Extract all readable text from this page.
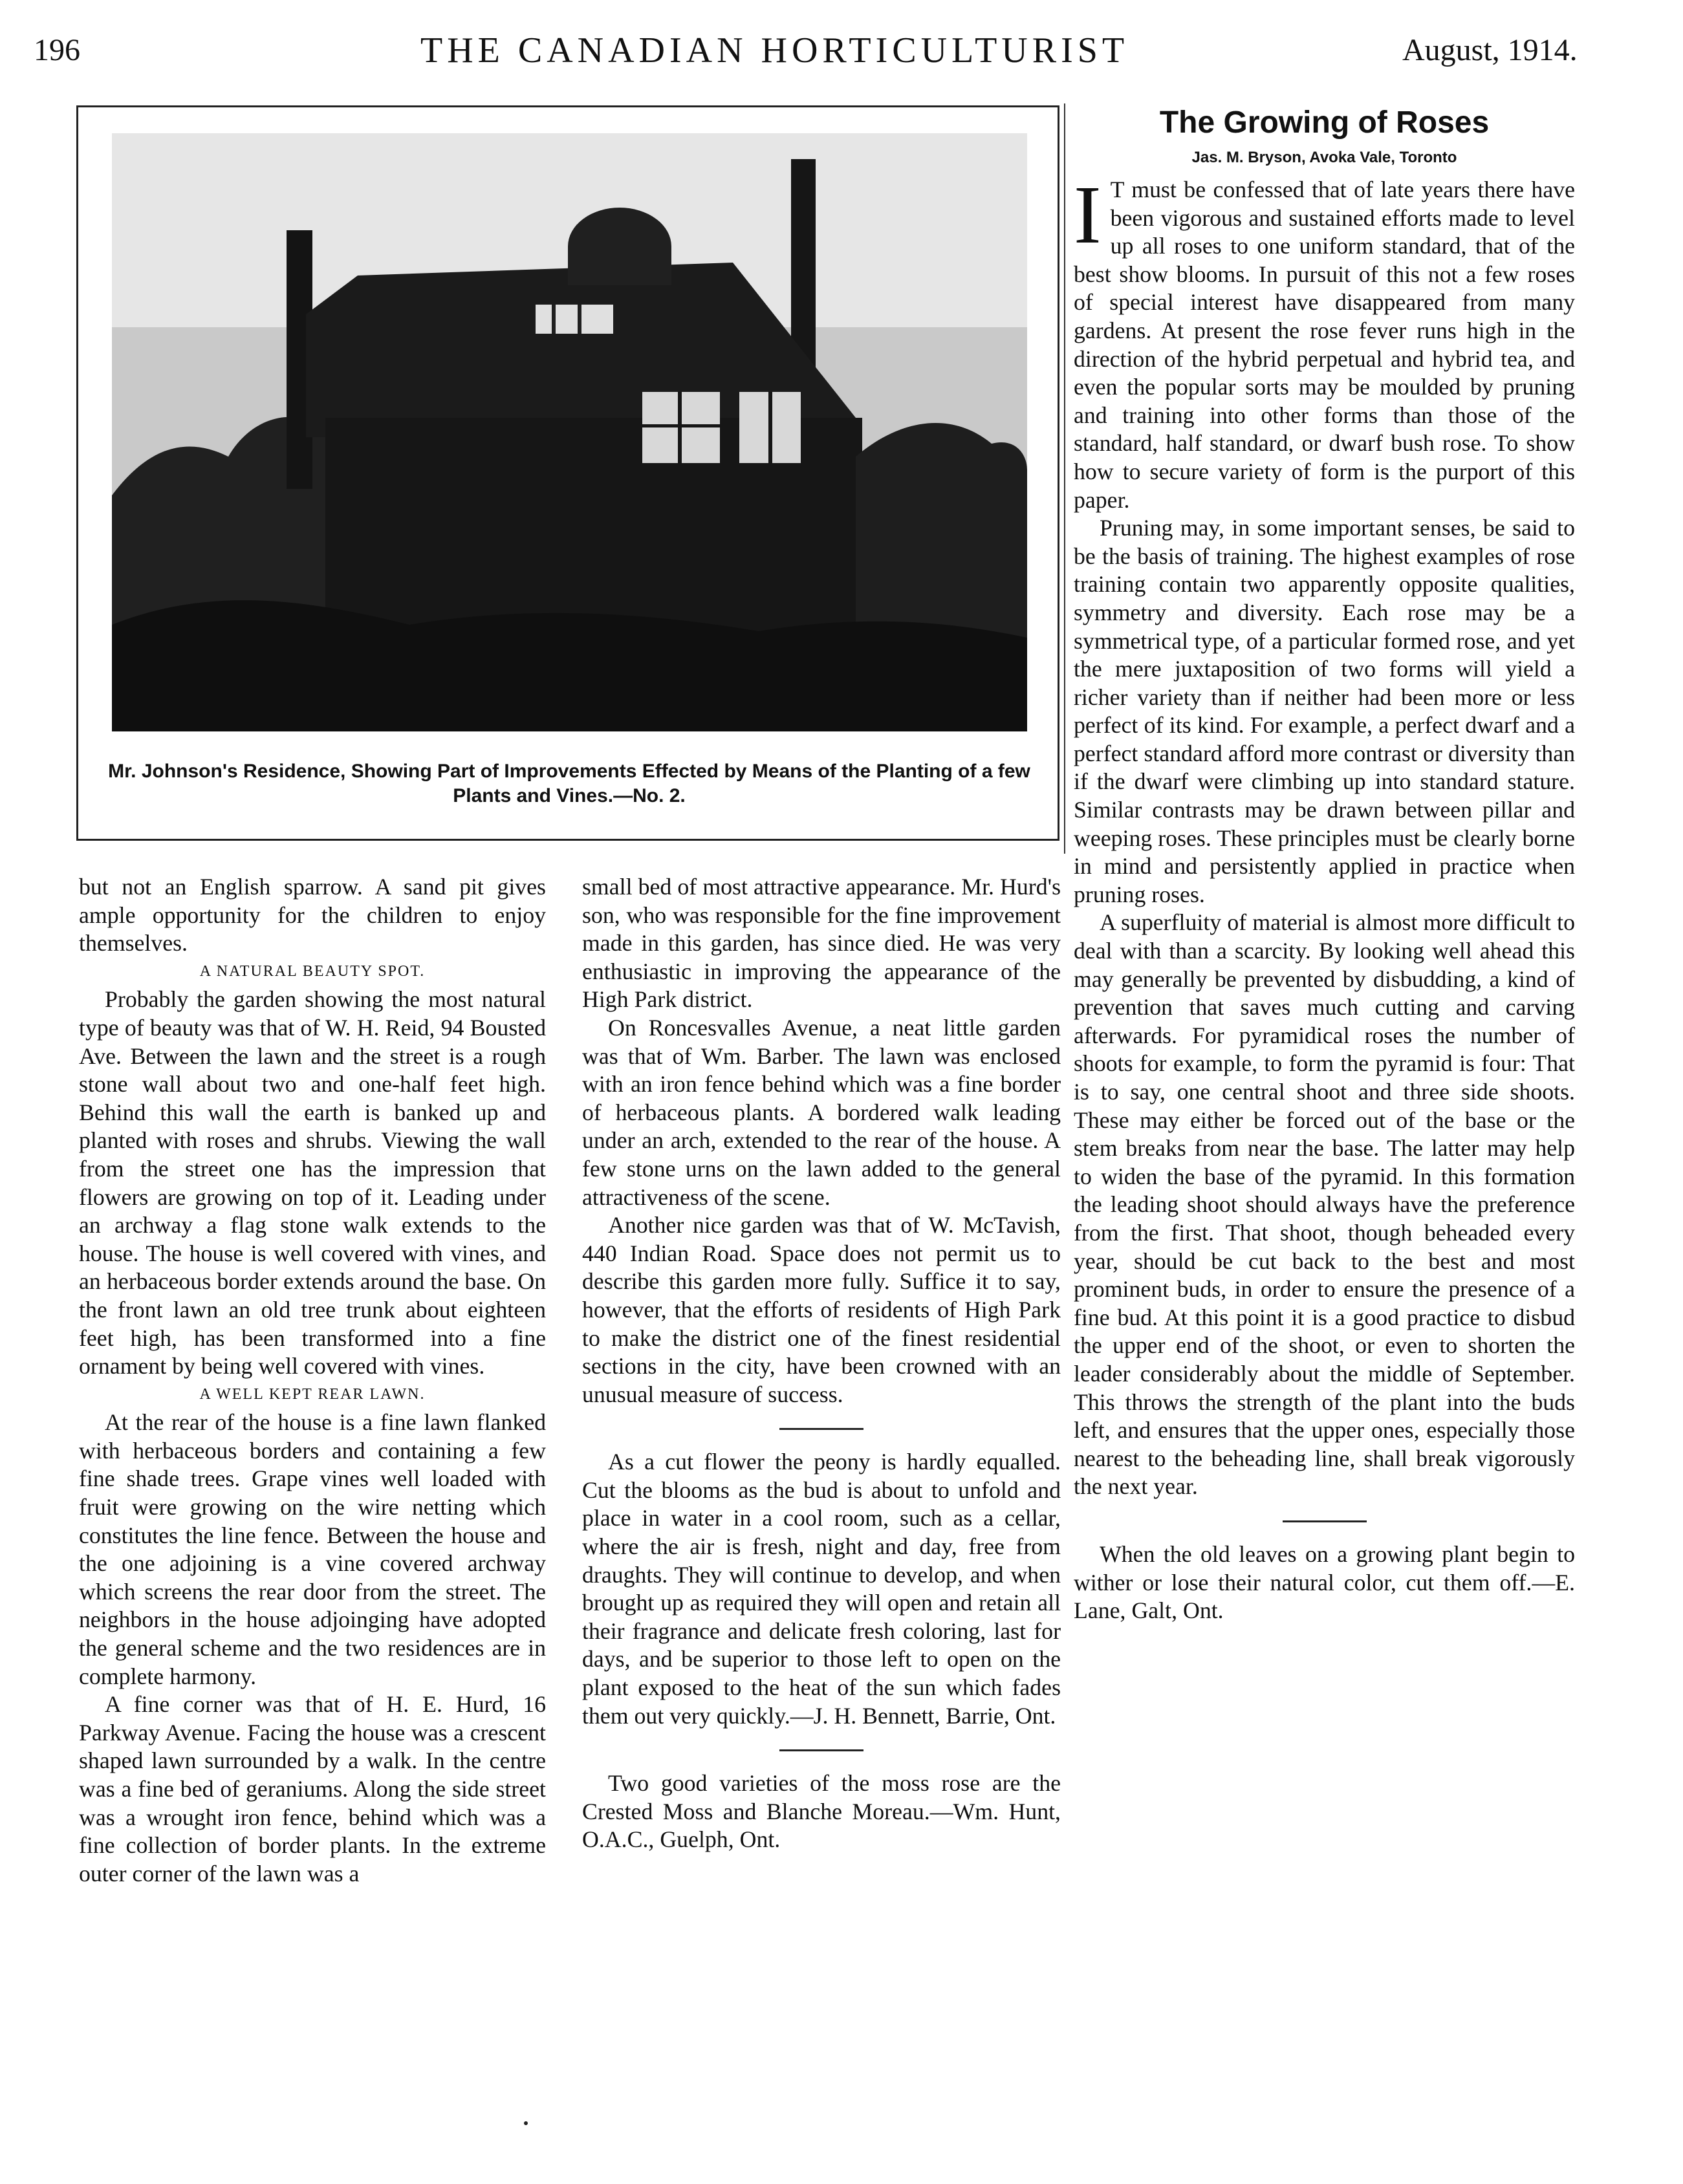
196	THE CANADIAN HORTICULTURIST	August, 1914.
Mr. Johnson's Residence, Showing Part of Improvements Effected by Means of the Planting of a few Plants and Vines.—No. 2.

but not an English sparrow. A sand pit gives ample opportunity for the children to enjoy themselves.

A NATURAL BEAUTY SPOT.

Probably the garden showing the most natural type of beauty was that of W. H. Reid, 94 Bousted Ave. Between the lawn and the street is a rough stone wall about two and one-half feet high. Behind this wall the earth is banked up and planted with roses and shrubs. Viewing the wall from the street one has the impression that flowers are growing on top of it. Leading under an archway a flag stone walk extends to the house. The house is well covered with vines, and an herbaceous border extends around the base. On the front lawn an old tree trunk about eighteen feet high, has been transformed into a fine ornament by being well covered with vines.

A WELL KEPT REAR LAWN.

At the rear of the house is a fine lawn flanked with herbaceous borders and containing a few fine shade trees. Grape vines well loaded with fruit were growing on the wire netting which constitutes the line fence. Between the house and the one adjoining is a vine covered archway which screens the rear door from the street. The neighbors in the house adjoinging have adopted the general scheme and the two residences are in complete harmony.

A fine corner was that of H. E. Hurd, 16 Parkway Avenue. Facing the house was a crescent shaped lawn surrounded by a walk. In the centre was a fine bed of geraniums. Along the side street was a wrought iron fence, behind which was a fine collection of border plants. In the extreme outer corner of the lawn was a

small bed of most attractive appearance. Mr. Hurd's son, who was responsible for the fine improvement made in this garden, has since died. He was very enthusiastic in improving the appearance of the High Park district.

On Roncesvalles Avenue, a neat little garden was that of Wm. Barber. The lawn was enclosed with an iron fence behind which was a fine border of herbaceous plants. A bordered walk leading under an arch, extended to the rear of the house. A few stone urns on the lawn added to the general attractiveness of the scene.

Another nice garden was that of W. McTavish, 440 Indian Road. Space does not permit us to describe this garden more fully. Suffice it to say, however, that the efforts of residents of High Park to make the district one of the finest residential sections in the city, have been crowned with an unusual measure of success.

As a cut flower the peony is hardly equalled. Cut the blooms as the bud is about to unfold and place in water in a cool room, such as a cellar, where the air is fresh, night and day, free from draughts. They will continue to develop, and when brought up as required they will open and retain all their fragrance and delicate fresh coloring, last for days, and be superior to those left to open on the plant exposed to the heat of the sun which fades them out very quickly.—J. H. Bennett, Barrie, Ont.

Two good varieties of the moss rose are the Crested Moss and Blanche Moreau.—Wm. Hunt, O.A.C., Guelph, Ont.

The Growing of Roses
Jas. M. Bryson, Avoka Vale, Toronto

I T must be confessed that of late years there have been vigorous and sustained efforts made to level up all roses to one uniform standard, that of the best show blooms. In pursuit of this not a few roses of special interest have disappeared from many gardens. At present the rose fever runs high in the direction of the hybrid perpetual and hybrid tea, and even the popular sorts may be moulded by pruning and training into other forms than those of the standard, half standard, or dwarf bush rose. To show how to secure variety of form is the purport of this paper.

Pruning may, in some important senses, be said to be the basis of training. The highest examples of rose training contain two apparently opposite qualities, symmetry and diversity. Each rose may be a symmetrical type, of a particular formed rose, and yet the mere juxtaposition of two forms will yield a richer variety than if neither had been more or less perfect of its kind. For example, a perfect dwarf and a perfect standard afford more contrast or diversity than if the dwarf were climbing up into standard stature. Similar contrasts may be drawn between pillar and weeping roses. These principles must be clearly borne in mind and persistently applied in practice when pruning roses.

A superfluity of material is almost more difficult to deal with than a scarcity. By looking well ahead this may generally be prevented by disbudding, a kind of prevention that saves much cutting and carving afterwards. For pyramidical roses the number of shoots for example, to form the pyramid is four: That is to say, one central shoot and three side shoots. These may either be forced out of the base or the stem breaks from near the base. The latter may help to widen the base of the pyramid. In this formation the leading shoot should always have the preference from the first. That shoot, though beheaded every year, should be cut back to the best and most prominent buds, in order to ensure the presence of a fine bud. At this point it is a good practice to disbud the upper end of the shoot, or even to shorten the leader considerably about the middle of September. This throws the strength of the plant into the buds left, and ensures that the upper ones, especially those nearest to the beheading line, shall break vigorously the next year.

When the old leaves on a growing plant begin to wither or lose their natural color, cut them off.—E. Lane, Galt, Ont.
